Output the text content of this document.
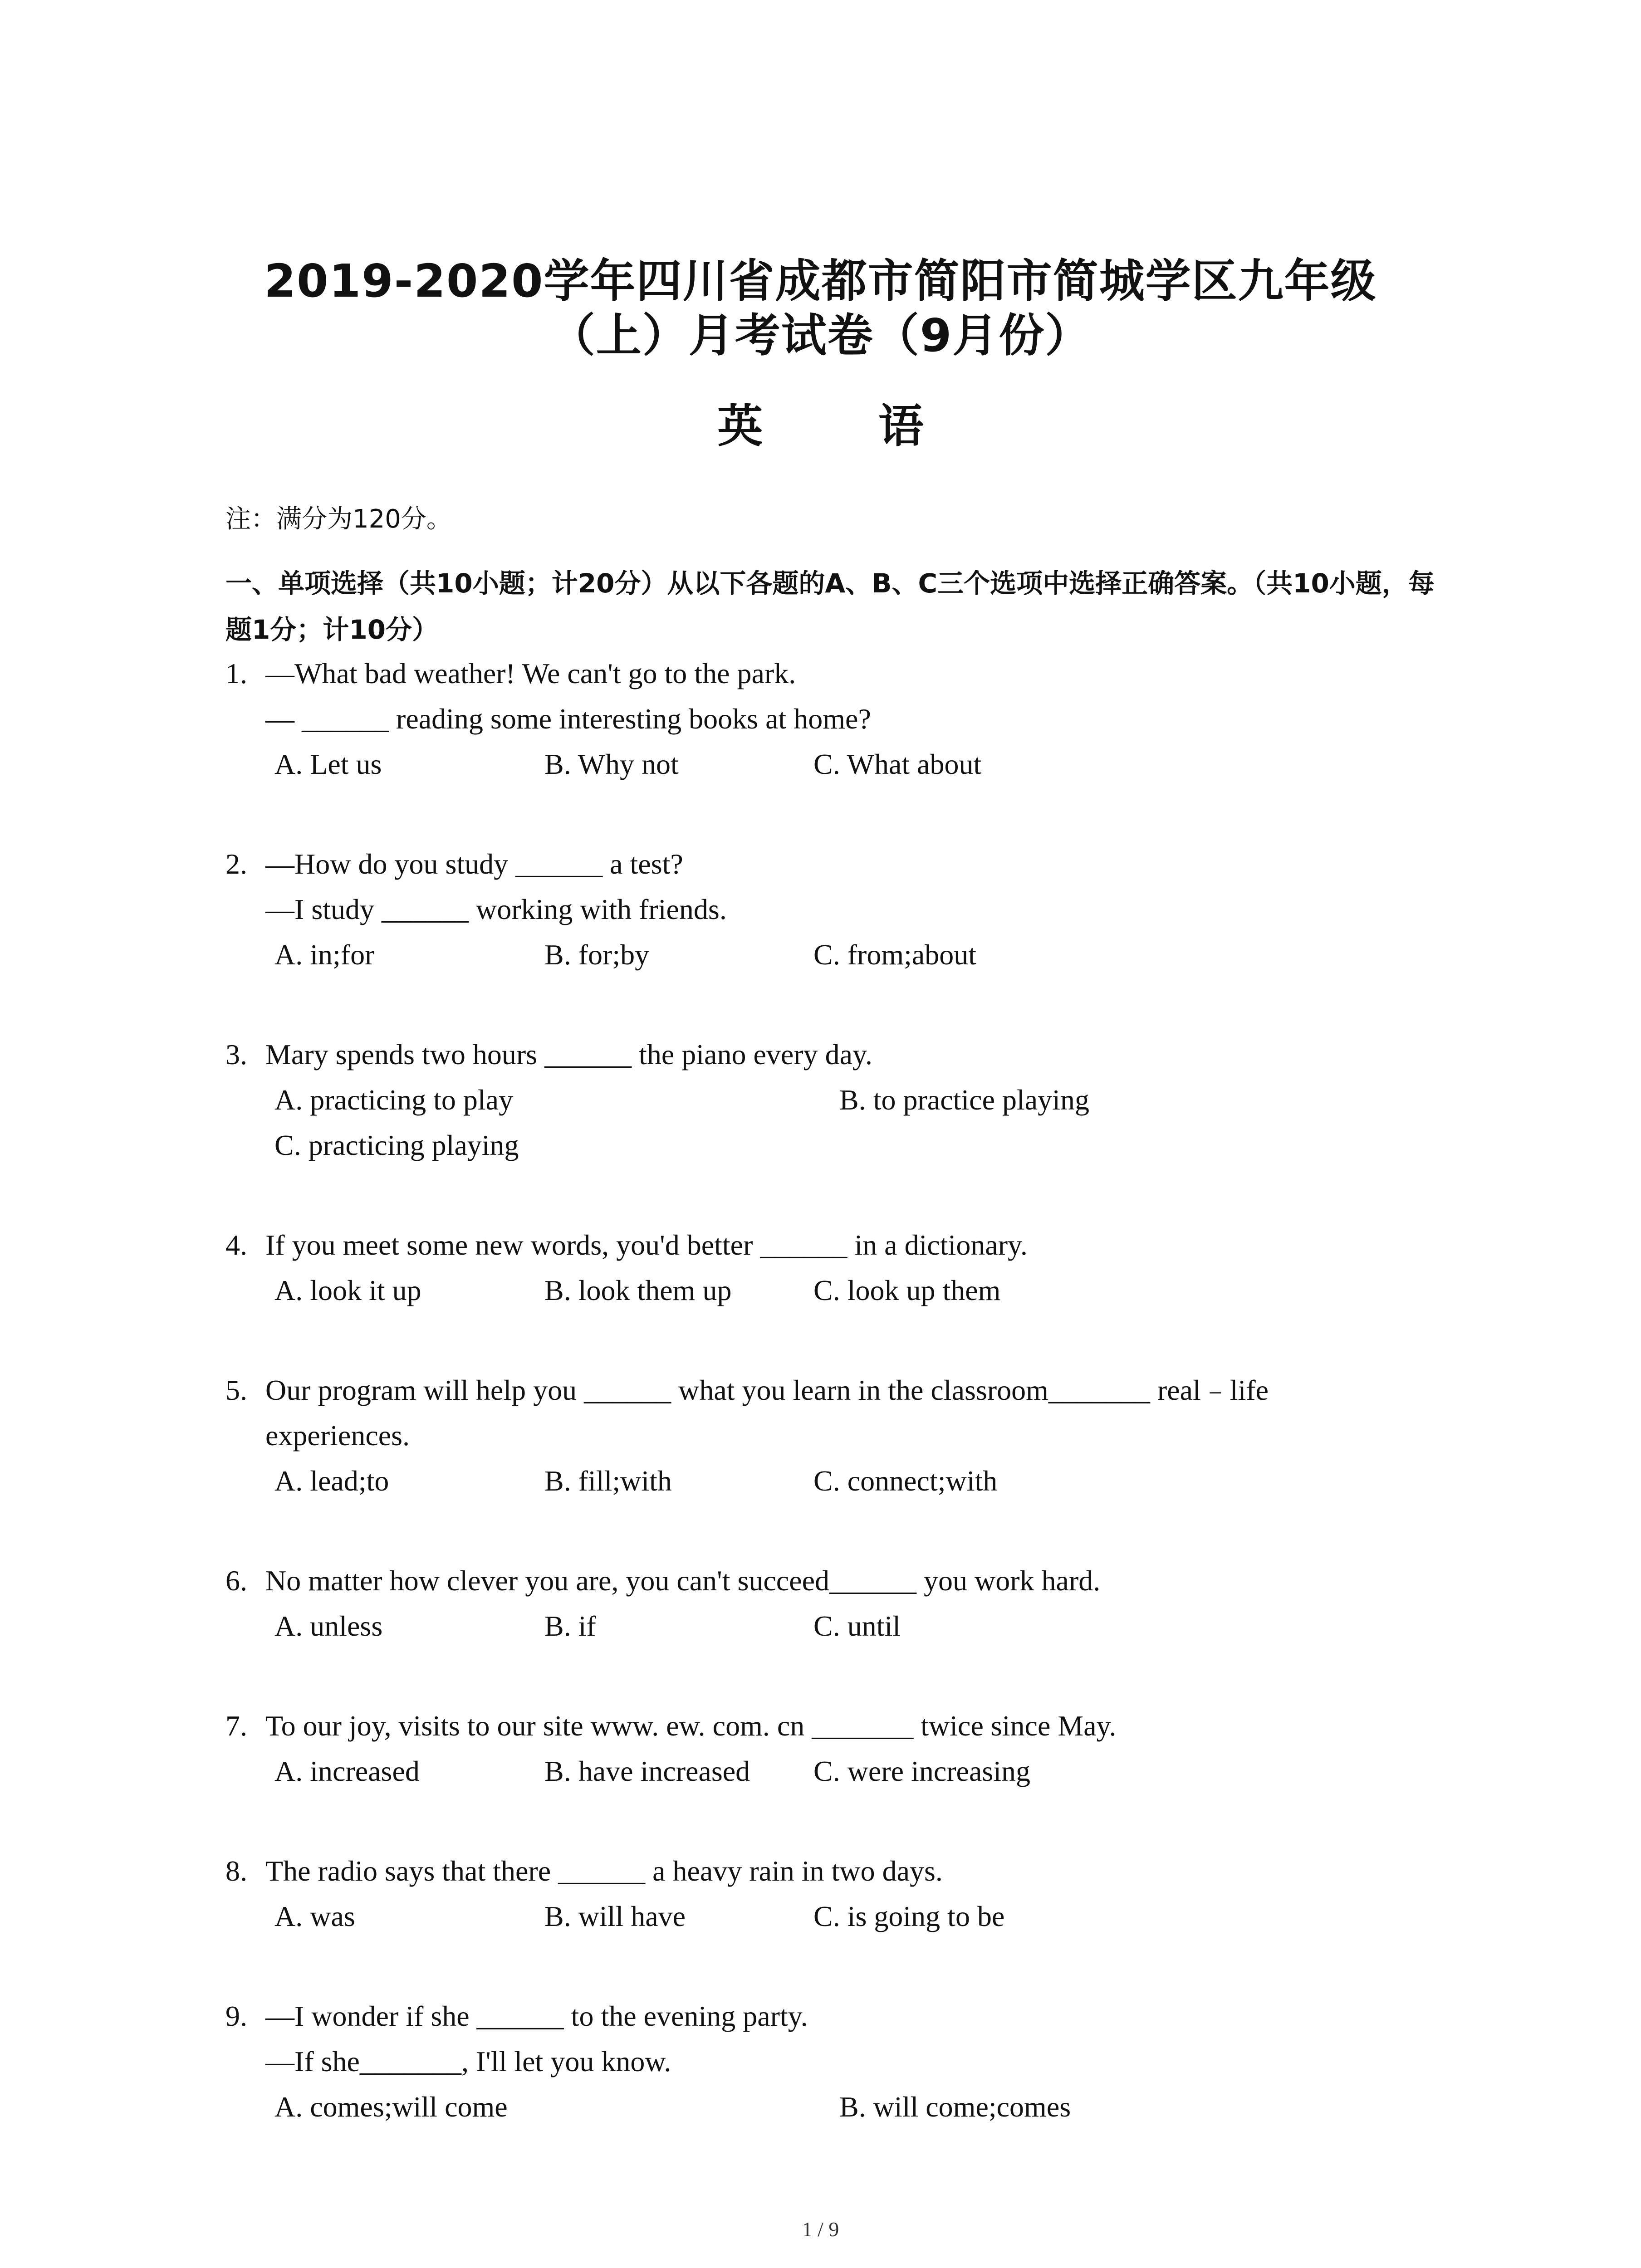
2019-2020学年四川省成都市简阳市简城学区九年级
（上）月考试卷（9月份）
英 语
注：满分为120分。
一、单项选择（共10小题；计20分）从以下各题的A、B、C三个选项中选择正确答案。（共10小题，每题1分；计10分）
1. —What bad weather! We can't go to the park.
— ______ reading some interesting books at home?
A. Let us	B. Why not	C. What about
2. —How do you study ______ a test?
—I study ______ working with friends.
A. in;for	B. for;by	C. from;about
3. Mary spends two hours ______ the piano every day.
A. practicing to play	B. to practice playing
C. practicing playing
4. If you meet some new words, you'd better ______ in a dictionary.
A. look it up	B. look them up	C. look up them
5. Our program will help you ______ what you learn in the classroom_______ real﹣life
experiences.
A. lead;to	B. fill;with	C. connect;with
6. No matter how clever you are, you can't succeed______ you work hard.
A. unless	B. if	C. until
7. To our joy, visits to our site www. ew. com. cn _______ twice since May.
A. increased	B. have increased C. were increasing
8. The radio says that there ______ a heavy rain in two days.
A. was	B. will have	C. is going to be
9. —I wonder if she ______ to the evening party.
—If she_______, I'll let you know.
A. comes;will come	B. will come;comes
1 / 9
